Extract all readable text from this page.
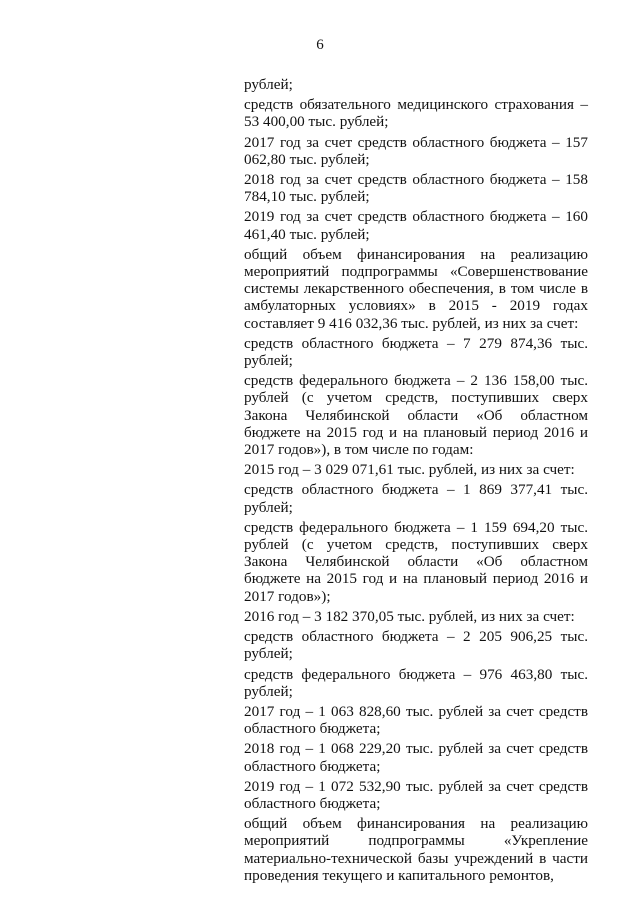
6

рублей;

средств обязательного медицинского страхования – 53 400,00 тыс. рублей;

2017 год за счет средств областного бюджета – 157 062,80 тыс. рублей;

2018 год за счет средств областного бюджета – 158 784,10 тыс. рублей;

2019 год за счет средств областного бюджета – 160 461,40 тыс. рублей;

общий объем финансирования на реализацию мероприятий подпрограммы «Совершенствование системы лекарственного обеспечения, в том числе в амбулаторных условиях» в 2015 - 2019 годах составляет 9 416 032,36 тыс. рублей, из них за счет:

средств областного бюджета – 7 279 874,36 тыс. рублей;

средств федерального бюджета – 2 136 158,00 тыс. рублей (с учетом средств, поступивших сверх Закона Челябинской области «Об областном бюджете на 2015 год и на плановый период 2016 и 2017 годов»), в том числе по годам:

2015 год – 3 029 071,61 тыс. рублей, из них за счет:

средств областного бюджета – 1 869 377,41 тыс. рублей;

средств федерального бюджета – 1 159 694,20 тыс. рублей (с учетом средств, поступивших сверх Закона Челябинской области «Об областном бюджете на 2015 год и на плановый период 2016 и 2017 годов»);

2016 год – 3 182 370,05 тыс. рублей, из них за счет:

средств областного бюджета – 2 205 906,25 тыс. рублей;

средств федерального бюджета – 976 463,80 тыс. рублей;

2017 год – 1 063 828,60 тыс. рублей за счет средств областного бюджета;

2018 год – 1 068 229,20 тыс. рублей за счет средств областного бюджета;

2019 год – 1 072 532,90 тыс. рублей за счет средств областного бюджета;

общий объем финансирования на реализацию мероприятий подпрограммы «Укрепление материально-технической базы учреждений в части проведения текущего и капитального ремонтов,
